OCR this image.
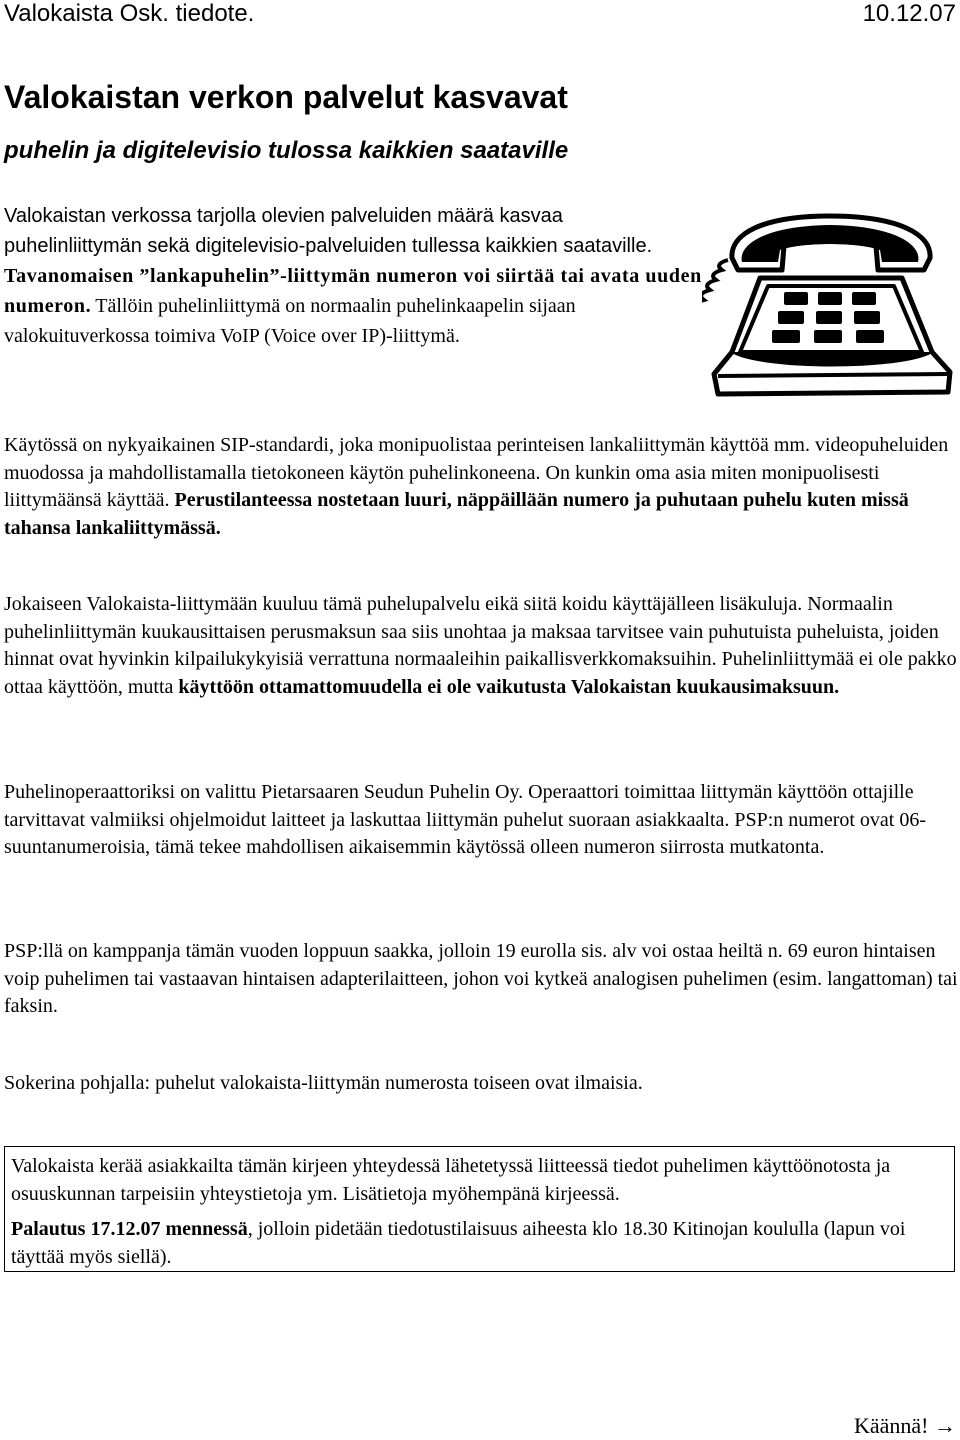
Valokaista Osk. tiedote.	10.12.07
Valokaistan verkon palvelut kasvavat
puhelin ja digitelevisio tulossa kaikkien saataville
Valokaistan verkossa tarjolla olevien palveluiden määrä kasvaa puhelinliittymän sekä digitelevisio-palveluiden tullessa kaikkien saataville. Tavanomaisen ”lankapuhelin”-liittymän numeron voi siirtää tai avata uuden numeron. Tällöin puhelinliittymä on normaalin puhelinkaapelin sijaan valokuituverkossa toimiva VoIP (Voice over IP)-liittymä.

Käytössä on nykyaikainen SIP-standardi, joka monipuolistaa perinteisen lankaliittymän käyttöä mm. videopuheluiden muodossa ja mahdollistamalla tietokoneen käytön puhelinkoneena. On kunkin oma asia miten monipuolisesti liittymäänsä käyttää. Perustilanteessa nostetaan luuri, näppäillään numero ja puhutaan puhelu kuten missä tahansa lankaliittymässä.

Jokaiseen Valokaista-liittymään kuuluu tämä puhelupalvelu eikä siitä koidu käyttäjälleen lisäkuluja. Normaalin puhelinliittymän kuukausittaisen perusmaksun saa siis unohtaa ja maksaa tarvitsee vain puhutuista puheluista, joiden hinnat ovat hyvinkin kilpailukykyisiä verrattuna normaaleihin paikallisverkkomaksuihin. Puhelinliittymää ei ole pakko ottaa käyttöön, mutta käyttöön ottamattomuudella ei ole vaikutusta Valokaistan kuukausimaksuun.

Puhelinoperaattoriksi on valittu Pietarsaaren Seudun Puhelin Oy. Operaattori toimittaa liittymän käyttöön ottajille tarvittavat valmiiksi ohjelmoidut laitteet ja laskuttaa liittymän puhelut suoraan asiakkaalta. PSP:n numerot ovat 06-suuntanumeroisia, tämä tekee mahdollisen aikaisemmin käytössä olleen numeron siirrosta mutkatonta.

PSP:llä on kamppanja tämän vuoden loppuun saakka, jolloin 19 eurolla sis. alv voi ostaa heiltä n. 69 euron hintaisen voip puhelimen tai vastaavan hintaisen adapterilaitteen, johon voi kytkeä analogisen puhelimen (esim. langattoman) tai faksin.

Sokerina pohjalla: puhelut valokaista-liittymän numerosta toiseen ovat ilmaisia.

Valokaista kerää asiakkailta tämän kirjeen yhteydessä lähetetyssä liitteessä tiedot puhelimen käyttöönotosta ja osuuskunnan tarpeisiin yhteystietoja ym. Lisätietoja myöhempänä kirjeessä.

Palautus 17.12.07 mennessä, jolloin pidetään tiedotustilaisuus aiheesta klo 18.30 Kitinojan koululla (lapun voi täyttää myös siellä).

Käännä! →
